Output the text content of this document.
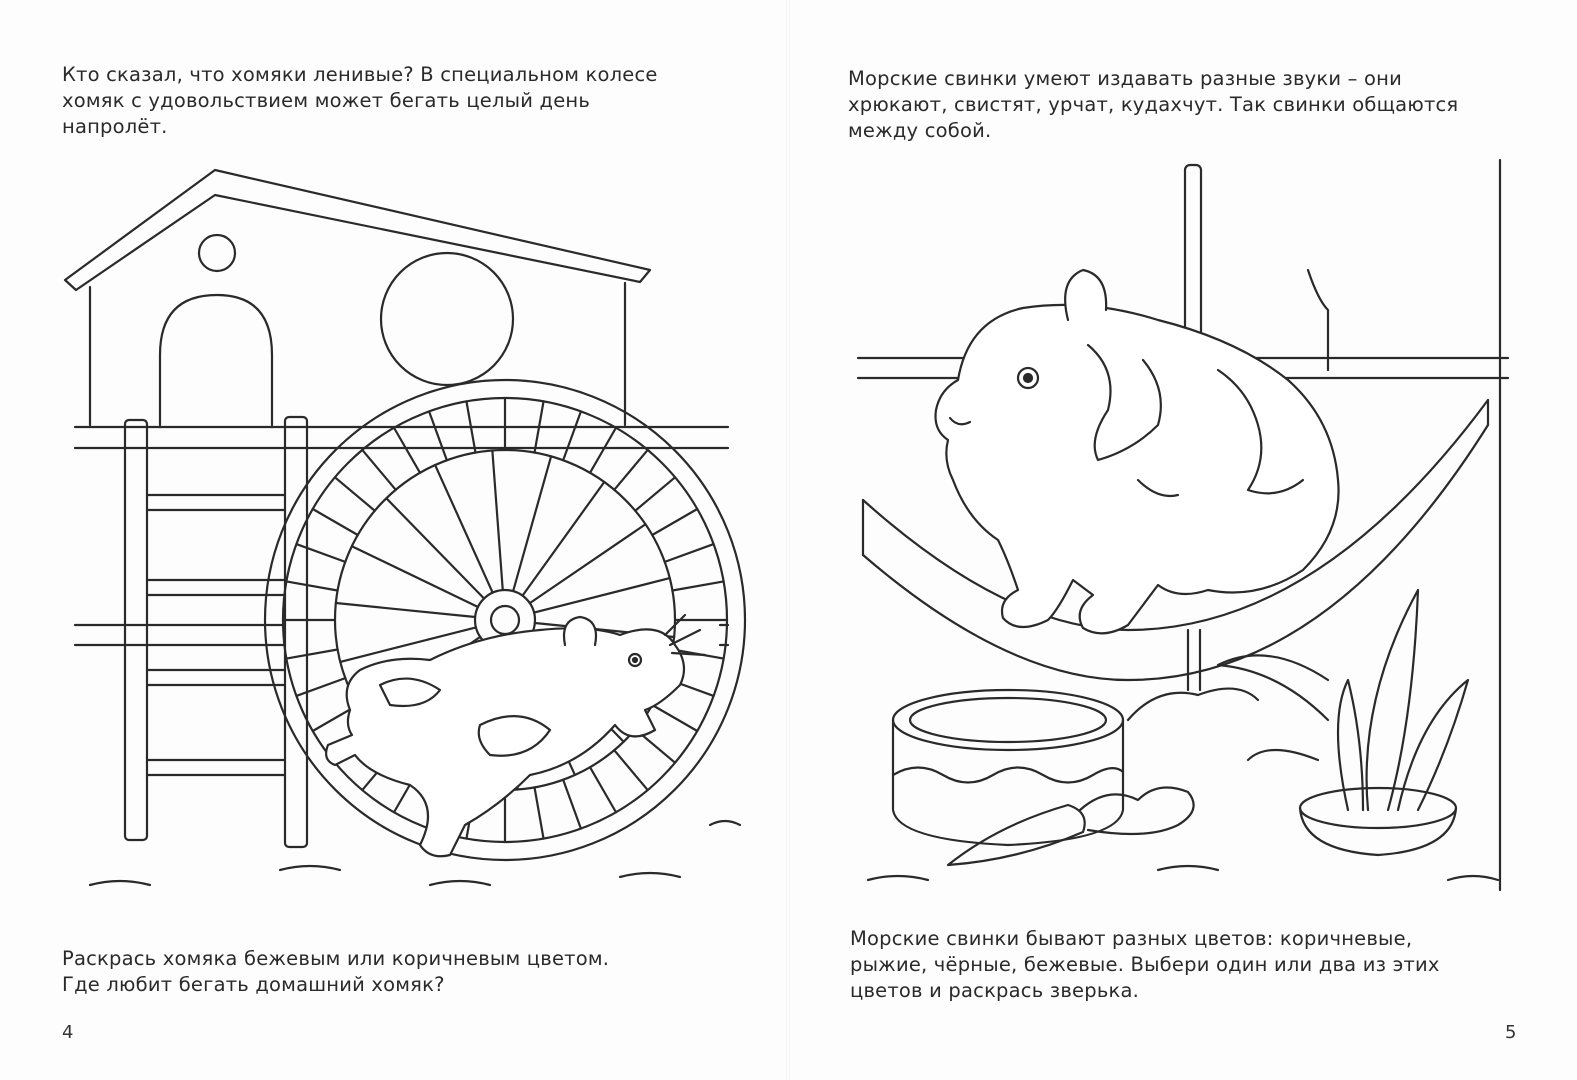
Кто сказал, что хомяки ленивые? В специальном колесе
хомяк с удовольствием может бегать целый день
напролёт.

Раскрась хомяка бежевым или коричневым цветом.
Где любит бегать домашний хомяк?

4

Морские свинки умеют издавать разные звуки – они
хрюкают, свистят, урчат, кудахчут. Так свинки общаются
между собой.

Морские свинки бывают разных цветов: коричневые,
рыжие, чёрные, бежевые. Выбери один или два из этих
цветов и раскрась зверька.

5
